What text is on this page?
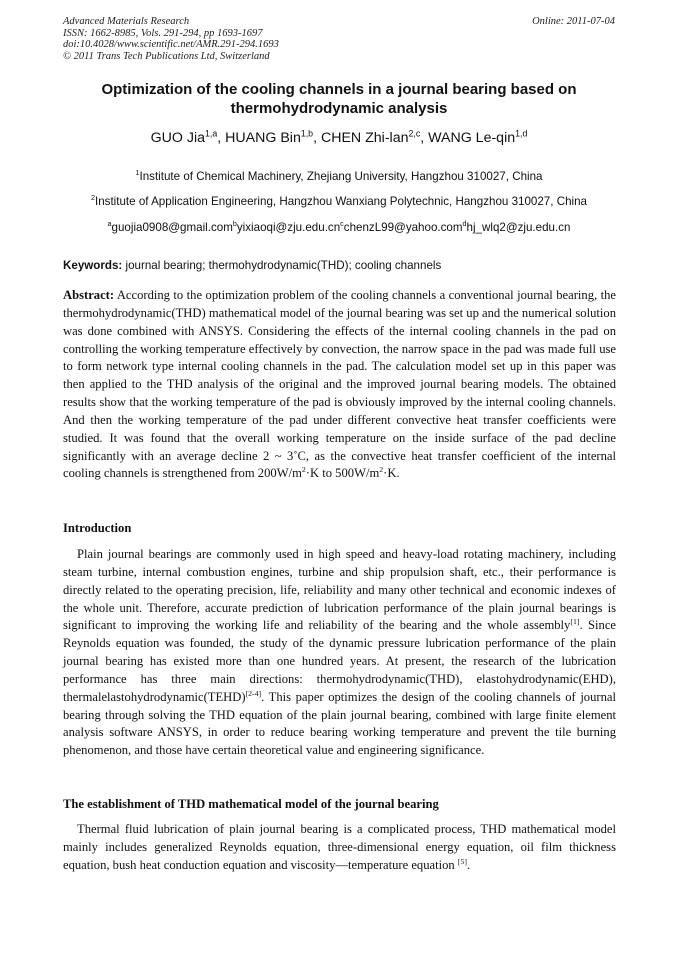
Advanced Materials Research
ISSN: 1662-8985, Vols. 291-294, pp 1693-1697
doi:10.4028/www.scientific.net/AMR.291-294.1693
© 2011 Trans Tech Publications Ltd, Switzerland
Online: 2011-07-04
Optimization of the cooling channels in a journal bearing based on thermohydrodynamic analysis
GUO Jia$^{1,a}$, HUANG Bin$^{1,b}$, CHEN Zhi-lan$^{2,c}$, WANG Le-qin$^{1,d}$
$^1$Institute of Chemical Machinery, Zhejiang University, Hangzhou 310027, China
$^2$Institute of Application Engineering, Hangzhou Wanxiang Polytechnic, Hangzhou 310027, China
$^aguojia0908@gmail.com^byixiaoqi@zju.edu.cn^cchenzL99@yahoo.com^dhj\_wlq2@zju.edu.cn$
Keywords: journal bearing; thermohydrodynamic(THD); cooling channels
Abstract: According to the optimization problem of the cooling channels a conventional journal bearing, the thermohydrodynamic(THD) mathematical model of the journal bearing was set up and the numerical solution was done combined with ANSYS. Considering the effects of the internal cooling channels in the pad on controlling the working temperature effectively by convection, the narrow space in the pad was made full use to form network type internal cooling channels in the pad. The calculation model set up in this paper was then applied to the THD analysis of the original and the improved journal bearing models. The obtained results show that the working temperature of the pad is obviously improved by the internal cooling channels. And then the working temperature of the pad under different convective heat transfer coefficients were studied. It was found that the overall working temperature on the inside surface of the pad decline significantly with an average decline 2 ~ 3˚C, as the convective heat transfer coefficient of the internal cooling channels is strengthened from $200W/m^2\cdot K$ to $500W/m^2\cdot K$.
Introduction
Plain journal bearings are commonly used in high speed and heavy-load rotating machinery, including steam turbine, internal combustion engines, turbine and ship propulsion shaft, etc., their performance is directly related to the operating precision, life, reliability and many other technical and economic indexes of the whole unit. Therefore, accurate prediction of lubrication performance of the plain journal bearings is significant to improving the working life and reliability of the bearing and the whole assembly[1]. Since Reynolds equation was founded, the study of the dynamic pressure lubrication performance of the plain journal bearing has existed more than one hundred years. At present, the research of the lubrication performance has three main directions: thermohydrodynamic(THD), elastohydrodynamic(EHD), thermalelastohydrodynamic(TEHD)[2-4]. This paper optimizes the design of the cooling channels of journal bearing through solving the THD equation of the plain journal bearing, combined with large finite element analysis software ANSYS, in order to reduce bearing working temperature and prevent the tile burning phenomenon, and those have certain theoretical value and engineering significance.
The establishment of THD mathematical model of the journal bearing
Thermal fluid lubrication of plain journal bearing is a complicated process, THD mathematical model mainly includes generalized Reynolds equation, three-dimensional energy equation, oil film thickness equation, bush heat conduction equation and viscosity—temperature equation [5].
